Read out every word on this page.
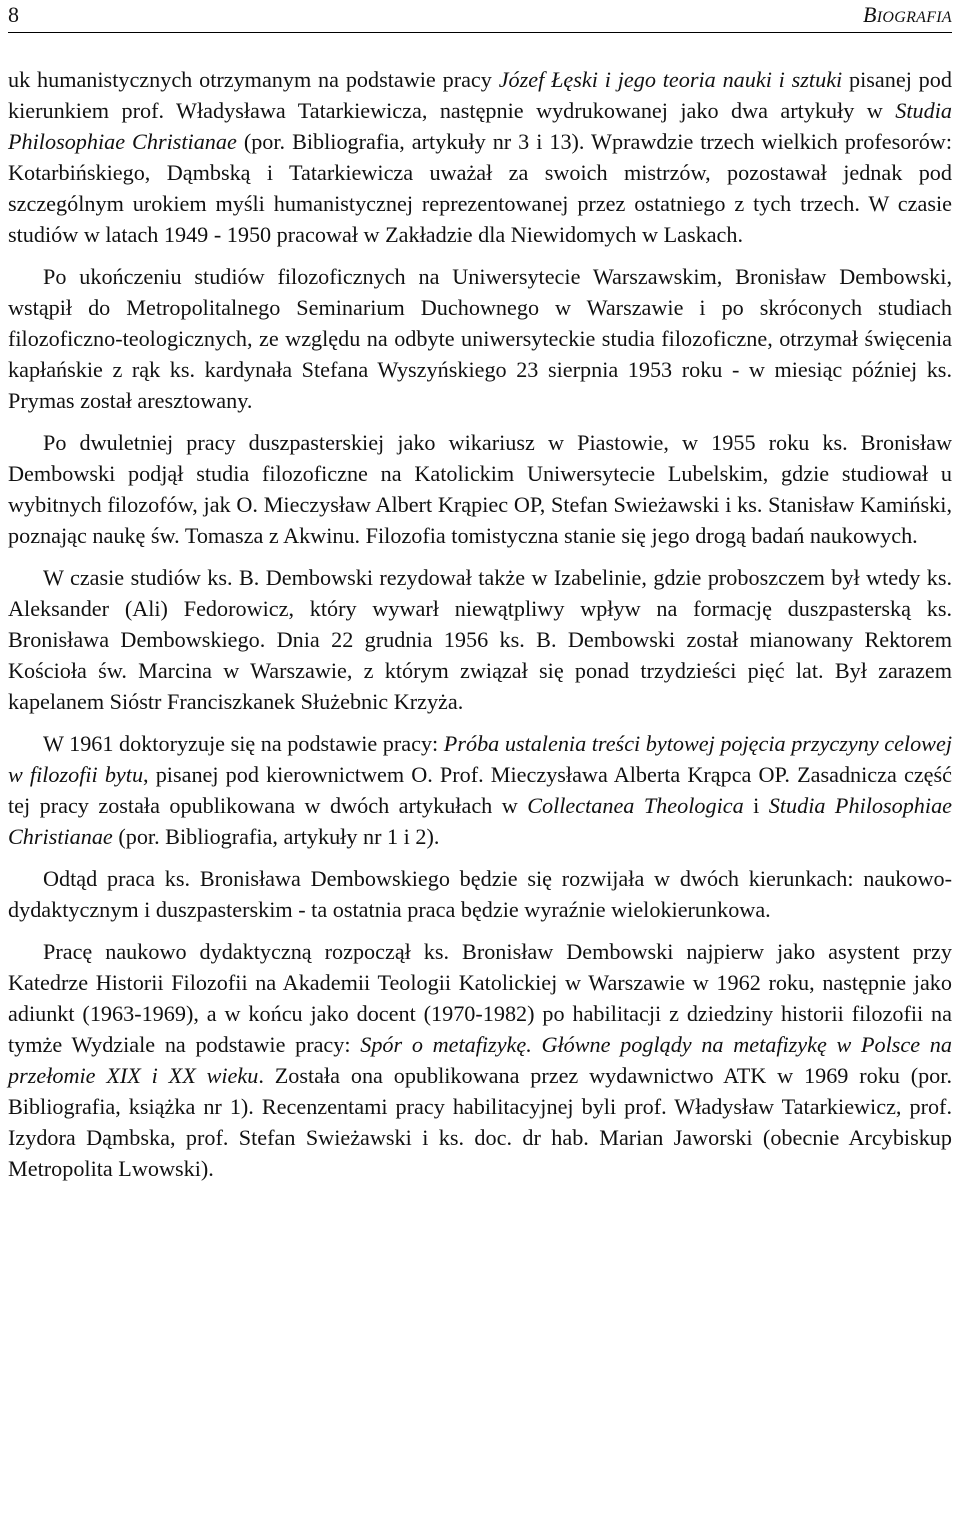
8	BIOGRAFIA

uk humanistycznych otrzymanym na podstawie pracy Józef Łęski i jego teoria nauki i sztuki pisanej pod kierunkiem prof. Władysława Tatarkiewicza, następnie wydrukowanej jako dwa artykuły w Studia Philosophiae Christianae (por. Bibliografia, artykuły nr 3 i 13). Wprawdzie trzech wielkich profesorów: Kotarbińskiego, Dąmbską i Tatarkiewicza uważał za swoich mistrzów, pozostawał jednak pod szczególnym urokiem myśli humanistycznej reprezentowanej przez ostatniego z tych trzech. W czasie studiów w latach 1949 - 1950 pracował w Zakładzie dla Niewidomych w Laskach.

Po ukończeniu studiów filozoficznych na Uniwersytecie Warszawskim, Bronisław Dembowski, wstąpił do Metropolitalnego Seminarium Duchownego w Warszawie i po skróconych studiach filozoficzno-teologicznych, ze względu na odbyte uniwersyteckie studia filozoficzne, otrzymał święcenia kapłańskie z rąk ks. kardynała Stefana Wyszyńskiego 23 sierpnia 1953 roku - w miesiąc później ks. Prymas został aresztowany.

Po dwuletniej pracy duszpasterskiej jako wikariusz w Piastowie, w 1955 roku ks. Bronisław Dembowski podjął studia filozoficzne na Katolickim Uniwersytecie Lubelskim, gdzie studiował u wybitnych filozofów, jak O. Mieczysław Albert Krąpiec OP, Stefan Swieżawski i ks. Stanisław Kamiński, poznając naukę św. Tomasza z Akwinu. Filozofia tomistyczna stanie się jego drogą badań naukowych.

W czasie studiów ks. B. Dembowski rezydował także w Izabelinie, gdzie proboszczem był wtedy ks. Aleksander (Ali) Fedorowicz, który wywarł niewątpliwy wpływ na formację duszpasterską ks. Bronisława Dembowskiego. Dnia 22 grudnia 1956 ks. B. Dembowski został mianowany Rektorem Kościoła św. Marcina w Warszawie, z którym związał się ponad trzydzieści pięć lat. Był zarazem kapelanem Sióstr Franciszkanek Służebnic Krzyża.

W 1961 doktoryzuje się na podstawie pracy: Próba ustalenia treści bytowej pojęcia przyczyny celowej w filozofii bytu, pisanej pod kierownictwem O. Prof. Mieczysława Alberta Krąpca OP. Zasadnicza część tej pracy została opublikowana w dwóch artykułach w Collectanea Theologica i Studia Philosophiae Christianae (por. Bibliografia, artykuły nr 1 i 2).

Odtąd praca ks. Bronisława Dembowskiego będzie się rozwijała w dwóch kierunkach: naukowo-dydaktycznym i duszpasterskim - ta ostatnia praca będzie wyraźnie wielokierunkowa.

Pracę naukowo dydaktyczną rozpoczął ks. Bronisław Dembowski najpierw jako asystent przy Katedrze Historii Filozofii na Akademii Teologii Katolickiej w Warszawie w 1962 roku, następnie jako adiunkt (1963-1969), a w końcu jako docent (1970-1982) po habilitacji z dziedziny historii filozofii na tymże Wydziale na podstawie pracy: Spór o metafizykę. Główne poglądy na metafizykę w Polsce na przełomie XIX i XX wieku. Została ona opublikowana przez wydawnictwo ATK w 1969 roku (por. Bibliografia, książka nr 1). Recenzentami pracy habilitacyjnej byli prof. Władysław Tatarkiewicz, prof. Izydora Dąmbska, prof. Stefan Swieżawski i ks. doc. dr hab. Marian Jaworski (obecnie Arcybiskup Metropolita Lwowski).
